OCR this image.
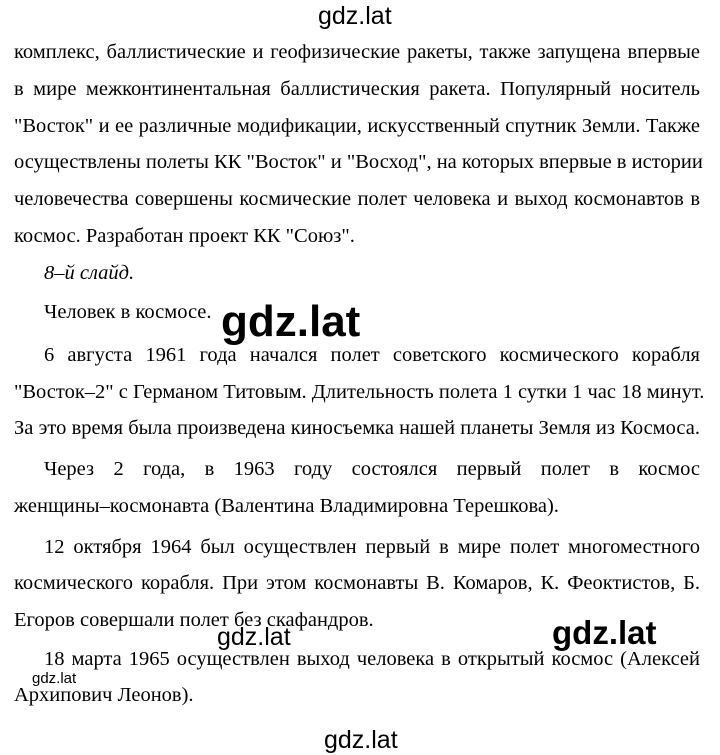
gdz.lat
комплекс, баллистические и геофизические ракеты, также запущена впервые
в мире межконтинентальная баллистическия ракета. Популярный носитель
"Восток" и ее различные модификации, искусственный спутник Земли. Также
осуществлены полеты КК "Восток" и "Восход", на которых впервые в истории
человечества совершены космические полет человека и выход космонавтов в
космос. Разработан проект КК "Союз".
8–й слайд.
Человек в космосе. gdz.lat
6 августа 1961 года начался полет советского космического корабля
"Восток–2" с Германом Титовым. Длительность полета 1 сутки 1 час 18 минут.
За это время была произведена киносъемка нашей планеты Земля из Космоса.
Через 2 года, в 1963 году состоялся первый полет в космос
женщины–космонавта (Валентина Владимировна Терешкова).
12 октября 1964 был осуществлен первый в мире полет многоместного
космического корабля. При этом космонавты В. Комаров, К. Феоктистов, Б.
Егоров совершали полет без скафандров.
gdz.lat	gdz.lat
18 марта 1965 осуществлен выход человека в открытый космос (Алексей
Архипович Леонов).
gdz.lat
gdz.lat
